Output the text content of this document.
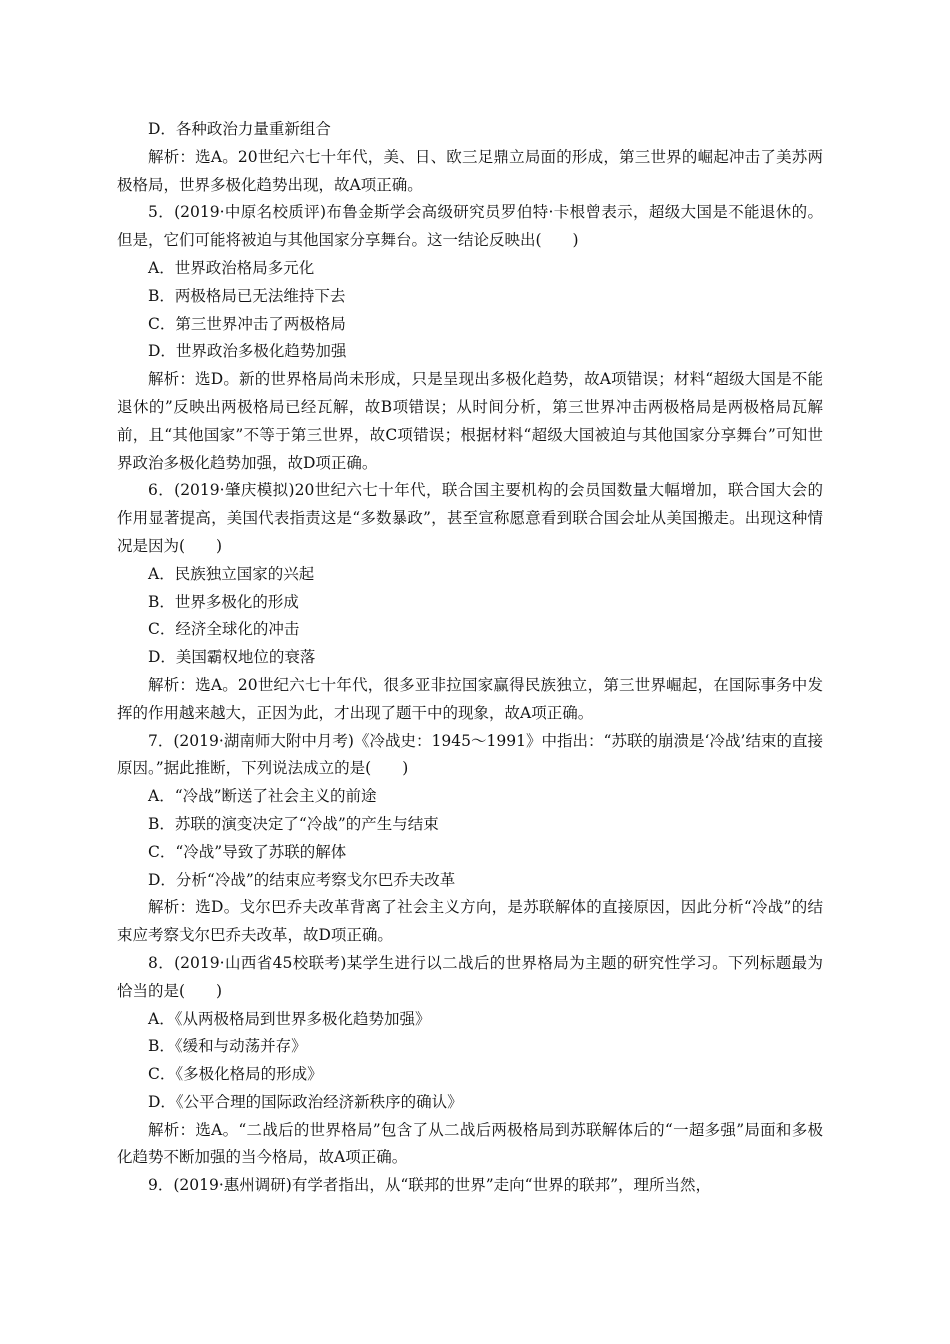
D．各种政治力量重新组合

解析：选A。20世纪六七十年代，美、日、欧三足鼎立局面的形成，第三世界的崛起冲击了美苏两极格局，世界多极化趋势出现，故A项正确。

5．(2019·中原名校质评)布鲁金斯学会高级研究员罗伯特·卡根曾表示，超级大国是不能退休的。但是，它们可能将被迫与其他国家分享舞台。这一结论反映出(　　)

A．世界政治格局多元化

B．两极格局已无法维持下去

C．第三世界冲击了两极格局

D．世界政治多极化趋势加强

解析：选D。新的世界格局尚未形成，只是呈现出多极化趋势，故A项错误；材料“超级大国是不能退休的”反映出两极格局已经瓦解，故B项错误；从时间分析，第三世界冲击两极格局是两极格局瓦解前，且“其他国家”不等于第三世界，故C项错误；根据材料“超级大国被迫与其他国家分享舞台”可知世界政治多极化趋势加强，故D项正确。

6．(2019·肇庆模拟)20世纪六七十年代，联合国主要机构的会员国数量大幅增加，联合国大会的作用显著提高，美国代表指责这是“多数暴政”，甚至宣称愿意看到联合国会址从美国搬走。出现这种情况是因为(　　)

A．民族独立国家的兴起

B．世界多极化的形成

C．经济全球化的冲击

D．美国霸权地位的衰落

解析：选A。20世纪六七十年代，很多亚非拉国家赢得民族独立，第三世界崛起，在国际事务中发挥的作用越来越大，正因为此，才出现了题干中的现象，故A项正确。

7．(2019·湖南师大附中月考)《冷战史：1945～1991》中指出：“苏联的崩溃是‘冷战’结束的直接原因。”据此推断，下列说法成立的是(　　)

A．“冷战”断送了社会主义的前途

B．苏联的演变决定了“冷战”的产生与结束

C．“冷战”导致了苏联的解体

D．分析“冷战”的结束应考察戈尔巴乔夫改革

解析：选D。戈尔巴乔夫改革背离了社会主义方向，是苏联解体的直接原因，因此分析“冷战”的结束应考察戈尔巴乔夫改革，故D项正确。

8．(2019·山西省45校联考)某学生进行以二战后的世界格局为主题的研究性学习。下列标题最为恰当的是(　　)

A．《从两极格局到世界多极化趋势加强》

B．《缓和与动荡并存》

C．《多极化格局的形成》

D．《公平合理的国际政治经济新秩序的确认》

解析：选A。“二战后的世界格局”包含了从二战后两极格局到苏联解体后的“一超多强”局面和多极化趋势不断加强的当今格局，故A项正确。

9．(2019·惠州调研)有学者指出，从“联邦的世界”走向“世界的联邦”，理所当然，
